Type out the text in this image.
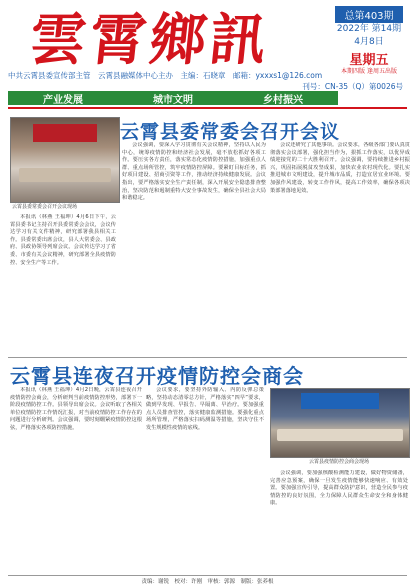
雲霄鄉訊	总第403期
2022年 第14期
4月8日
星期五
本期四版 逢周五出版
中共云霄县委宣传部主管　云霄县融媒体中心主办　主编：石晓章　邮箱：yxxxs1@126.com
刊号：CN-35（Q）第0026号
产业发展	城市文明	乡村振兴
云霄县委常委会召开会议现场
云霄县委常委会召开会议

本报讯（林燕 王福坤）4月6日下午，云霄县委书记主持召开县委常委会会议，会议传达学习有关文件精神，研究部署我县相关工作。县委常委出席会议，县人大常委会、县政府、县政协领导列席会议。会议传达学习了省委、市委有关会议精神，研究部署全县疫情防控、安全生产等工作。

会议强调，要深入学习贯彻有关会议精神，坚持以人民为中心，统筹疫情防控和经济社会发展，毫不放松抓好各项工作。要压实各方责任，落实常态化疫情防控措施，加强重点人群、重点场所管控，筑牢疫情防控屏障。要紧盯目标任务，抓好项目建设、招商引资等工作，推动经济持续健康发展。会议指出，要严格落实安全生产责任制，深入开展安全隐患排查整治，坚决防范和遏制重特大安全事故发生，确保全县社会大局和谐稳定。

会议还研究了其他事项。会议要求，各级各部门要认真贯彻落实会议部署，强化担当作为，狠抓工作落实，以优异成绩迎接党的二十大胜利召开。会议强调，要持续推进乡村振兴，巩固拓展脱贫攻坚成果，加快农业农村现代化。要扎实推进城市文明建设，提升城市品质，打造宜居宜业环境。要加强作风建设，转变工作作风，提高工作效率，确保各项决策部署落地见效。

云霄县连夜召开疫情防控会商会

本报讯（林燕 王福坤）4月2日晚，云霄县连夜召开疫情防控会商会，分析研判当前疫情防控形势，部署下一阶段疫情防控工作。县领导出席会议。会议听取了各相关单位疫情防控工作情况汇报，对当前疫情防控工作存在的问题进行分析研判。会议强调，要时刻绷紧疫情防控这根弦，严格落实各项防控措施。

会议要求，要坚持外防输入、内防反弹总策略，坚持动态清零总方针，严格落实“四早”要求，做到早发现、早报告、早隔离、早治疗。要加强重点人员排查管控，落实健康监测措施。要强化重点场所管理，严格落实扫码测温等措施，坚决守住不发生规模性疫情的底线。

云霄县疫情防控会商会现场

会议强调，要加强核酸检测能力建设，做好物资储备，完善应急预案，确保一旦发生疫情能够快速响应、有效处置。要加强宣传引导，提高群众防护意识，营造全民参与疫情防控的良好氛围，全力保障人民群众生命安全和身体健康。

责编：谢锐　校对：许刚　审核：郭源　制版：张养根
